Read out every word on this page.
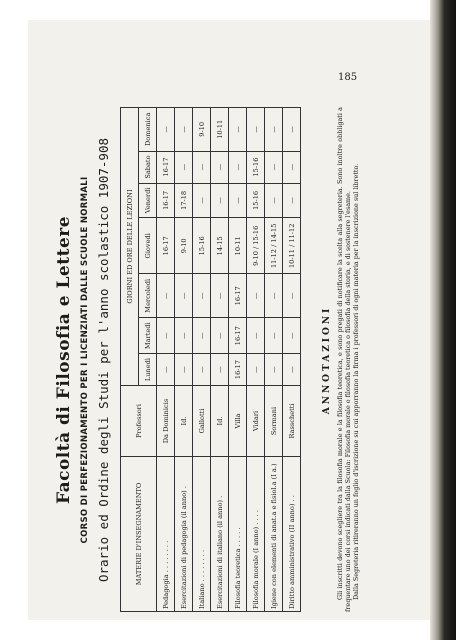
185
Facoltà di Filosofia e Lettere CORSO DI PERFEZIONAMENTO PER I LICENZIATI DALLE SCUOLE NORMALI Orario ed Ordine degli Studi per l'anno scolastico 1907-908	MATERIE D'INSEGNAMENTO	Professori	GIORNI ED ORE DELLE LEZIONI						
		Lunedì	Martedì	Mercoledì	Giovedì	Venerdì	Sabato	Domenica
Pedagogia . . . . . . . .	Da Dominicis	—	—	—	16-17	16-17	16-17	—
Esercitazioni di pedagogia (il anno) .	Id.	—	—	—	9-10	17-18	—	—
Italiano . . . . . . . .	Gallotti	—	—	—	15-16	—	—	9-10
Esercitazioni di italiano (il anno) .	Id.	—	—	—	14-15	—	—	10-11
Filosofia teoretica . . . . .	Villa	16-17	16-17	16-17	10-11	—	—	—
Filosofia morale (I anno) . . . .	Vidari	—	—	—	9-10 / 15-16	15-16	15-16	—
Igiene con elementi di anat.a e fisiol.a (I a.)	Sormani	—	—	—	11-12 / 14-15	—	—	—
Diritto amministrativo (II anno) . .	Rasschetti	—	—	—	10-11 / 11-12	—	—	—
ANNOTAZIONI Gli inscritti devono scegliere tra la filosofia morale e la filosofia teoretica, e sono pregati di notificare la scelta alla segreteria. Sono inoltre obbligati a frequentare uno dei corsi indicati dalla Scuola: Filosofia morale o filosofia teoretica o filosofia della storia, e di sostenere l'esame. Dalla Segreteria ritireranno un foglio d'iscrizione su cui apporranno la firma i professori di ogni materia per la inscrizione sul libretto.
